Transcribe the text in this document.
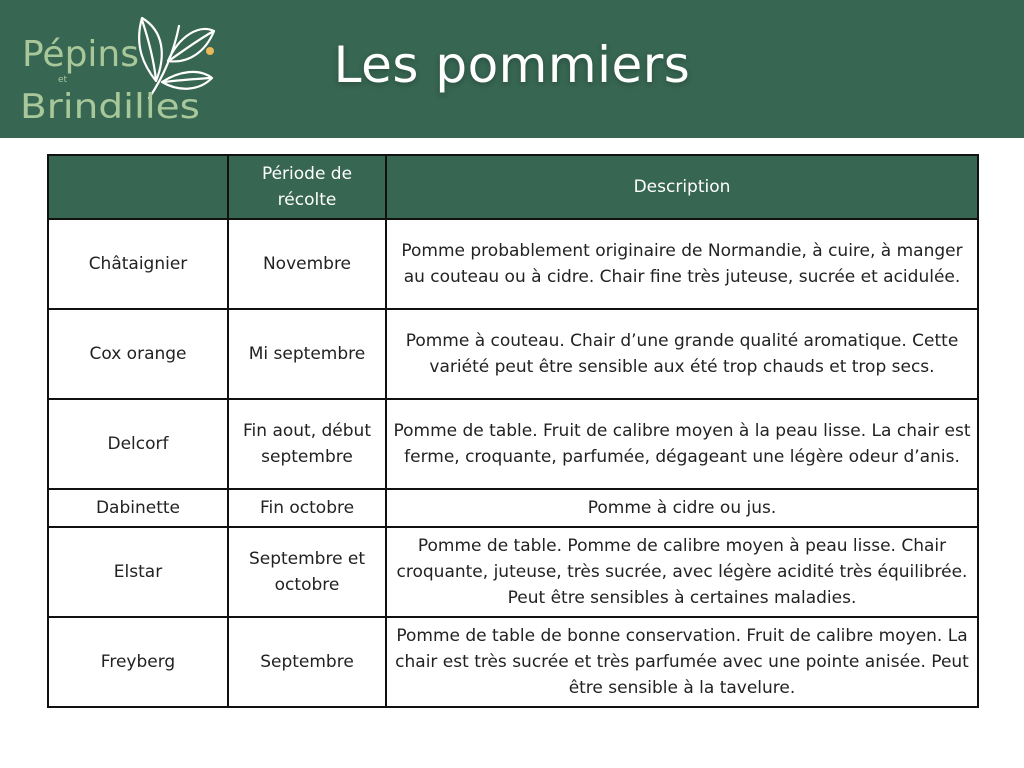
Pépins
et
Brindilles
Les pommiers
	Période de récolte	Description
Châtaignier	Novembre	Pomme probablement originaire de Normandie, à cuire, à manger au couteau ou à cidre. Chair fine très juteuse, sucrée et acidulée.
Cox orange	Mi septembre	Pomme à couteau. Chair d’une grande qualité aromatique. Cette variété peut être sensible aux été trop chauds et trop secs.
Delcorf	Fin aout, début septembre	Pomme de table. Fruit de calibre moyen à la peau lisse. La chair est ferme, croquante, parfumée, dégageant une légère odeur d’anis.
Dabinette	Fin octobre	Pomme à cidre ou jus.
Elstar	Septembre et octobre	Pomme de table. Pomme de calibre moyen à peau lisse. Chair croquante, juteuse, très sucrée, avec légère acidité très équilibrée. Peut être sensibles à certaines maladies.
Freyberg	Septembre	Pomme de table de bonne conservation. Fruit de calibre moyen. La chair est très sucrée et très parfumée avec une pointe anisée. Peut être sensible à la tavelure.
